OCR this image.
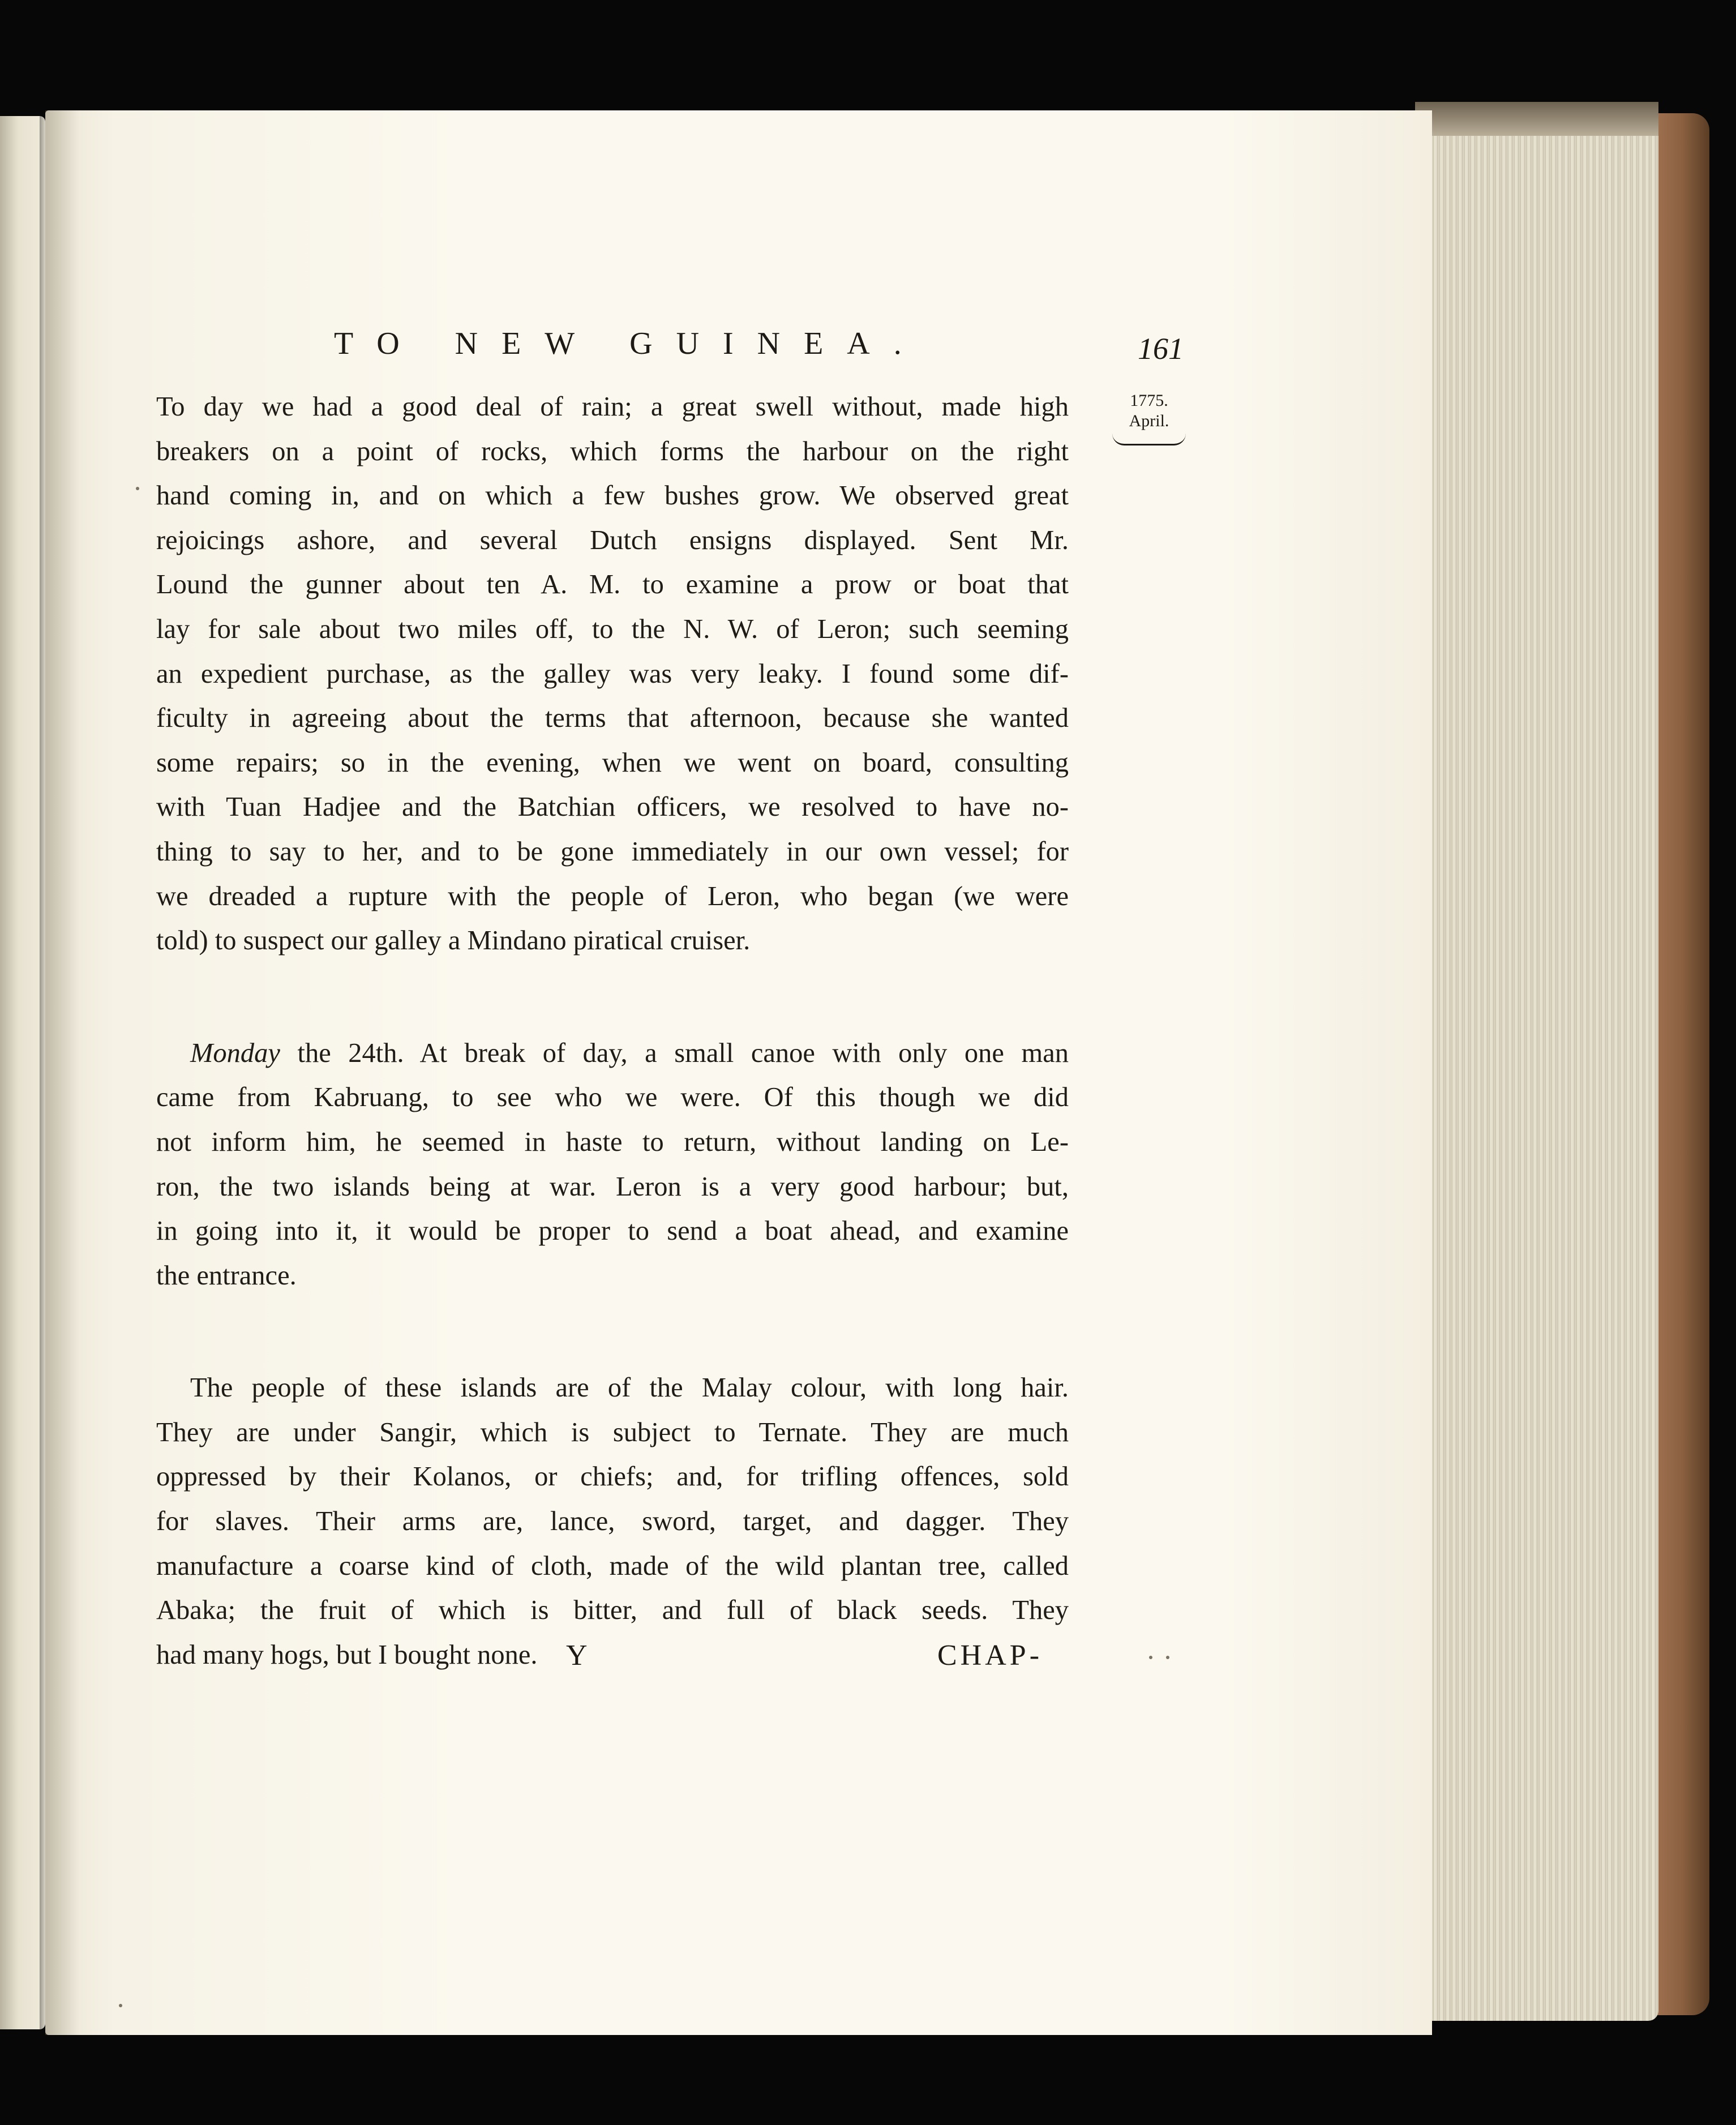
TO NEW GUINEA.	161
1775.
April.
To day we had a good deal of rain; a great swell without, made high
breakers on a point of rocks, which forms the harbour on the right
hand coming in, and on which a few bushes grow. We observed great
rejoicings ashore, and several Dutch ensigns displayed. Sent Mr.
Lound the gunner about ten A. M. to examine a prow or boat that
lay for sale about two miles off, to the N. W. of Leron; such seeming
an expedient purchase, as the galley was very leaky. I found some dif-
ficulty in agreeing about the terms that afternoon, because she wanted
some repairs; so in the evening, when we went on board, consulting
with Tuan Hadjee and the Batchian officers, we resolved to have no-
thing to say to her, and to be gone immediately in our own vessel; for
we dreaded a rupture with the people of Leron, who began (we were
told) to suspect our galley a Mindano piratical cruiser.
Monday the 24th. At break of day, a small canoe with only one man
came from Kabruang, to see who we were. Of this though we did
not inform him, he seemed in haste to return, without landing on Le-
ron, the two islands being at war. Leron is a very good harbour; but,
in going into it, it would be proper to send a boat ahead, and examine
the entrance.
The people of these islands are of the Malay colour, with long hair.
They are under Sangir, which is subject to Ternate. They are much
oppressed by their Kolanos, or chiefs; and, for trifling offences, sold
for slaves. Their arms are, lance, sword, target, and dagger. They
manufacture a coarse kind of cloth, made of the wild plantan tree, called
Abaka; the fruit of which is bitter, and full of black seeds. They
had many hogs, but I bought none. Y	CHAP-
